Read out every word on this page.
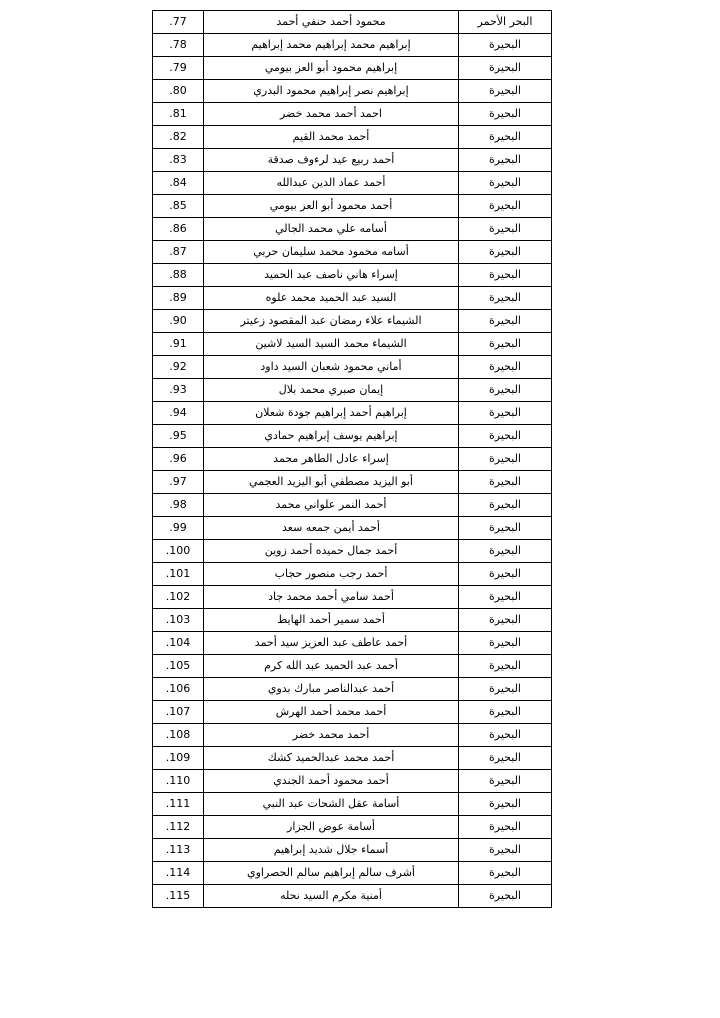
البحر الأحمر	محمود أحمد حنفي أحمد	.77
البحيرة	إبراهيم محمد إبراهيم محمد إبراهيم	.78
البحيرة	إبراهيم محمود أبو العز بيومي	.79
البحيرة	إبراهيم نصر إبراهيم محمود البدري	.80
البحيرة	احمد أحمد محمد خضر	.81
البحيرة	أحمد محمد القيم	.82
البحيرة	أحمد ربيع عيد لرءوف صدقة	.83
البحيرة	أحمد عماد الدين عبدالله	.84
البحيرة	أحمد محمود أبو العز بيومي	.85
البحيرة	أسامه علي محمد الجالي	.86
البحيرة	أسامه محمود محمد سليمان حربي	.87
البحيرة	إسراء هاني ناصف عبد الحميد	.88
البحيرة	السيد عبد الحميد محمد علوه	.89
البحيرة	الشيماء علاء رمضان عبد المقصود زعيتر	.90
البحيرة	الشيماء محمد السيد السيد لاشين	.91
البحيرة	أماني محمود شعبان السيد داود	.92
البحيرة	إيمان صبري محمد بلال	.93
البحيرة	إبراهيم أحمد إبراهيم جودة شعلان	.94
البحيرة	إبراهيم يوسف إبراهيم حمادي	.95
البحيرة	إسراء عادل الطاهر محمد	.96
البحيرة	أبو اليزيد مصطفي أبو اليزيد العجمي	.97
البحيرة	أحمد النمر علواني محمد	.98
البحيرة	أحمد أيمن جمعه سعد	.99
البحيرة	أحمد جمال حميده أحمد زوين	.100
البحيرة	أحمد رجب منصور حجاب	.101
البحيرة	أحمد سامي أحمد محمد جاد	.102
البحيرة	أحمد سمير أحمد الهايط	.103
البحيرة	أحمد عاطف عبد العزيز سيد أحمد	.104
البحيرة	أحمد عبد الحميد عبد الله كرم	.105
البحيرة	أحمد عبدالناصر مبارك بدوي	.106
البحيرة	أحمد محمد أحمد الهرش	.107
البحيرة	أحمد محمد خضر	.108
البحيرة	أحمد محمد عبدالحميد كشك	.109
البحيرة	أحمد محمود أحمد الجندي	.110
البحيرة	أسامة عقل الشحات عبد النبي	.111
البحيرة	أسامة عوض الجزار	.112
البحيرة	أسماء جلال شديد إبراهيم	.113
البحيرة	أشرف سالم إبراهيم سالم الحصراوي	.114
البحيرة	أمنية مكرم السيد نحله	.115
